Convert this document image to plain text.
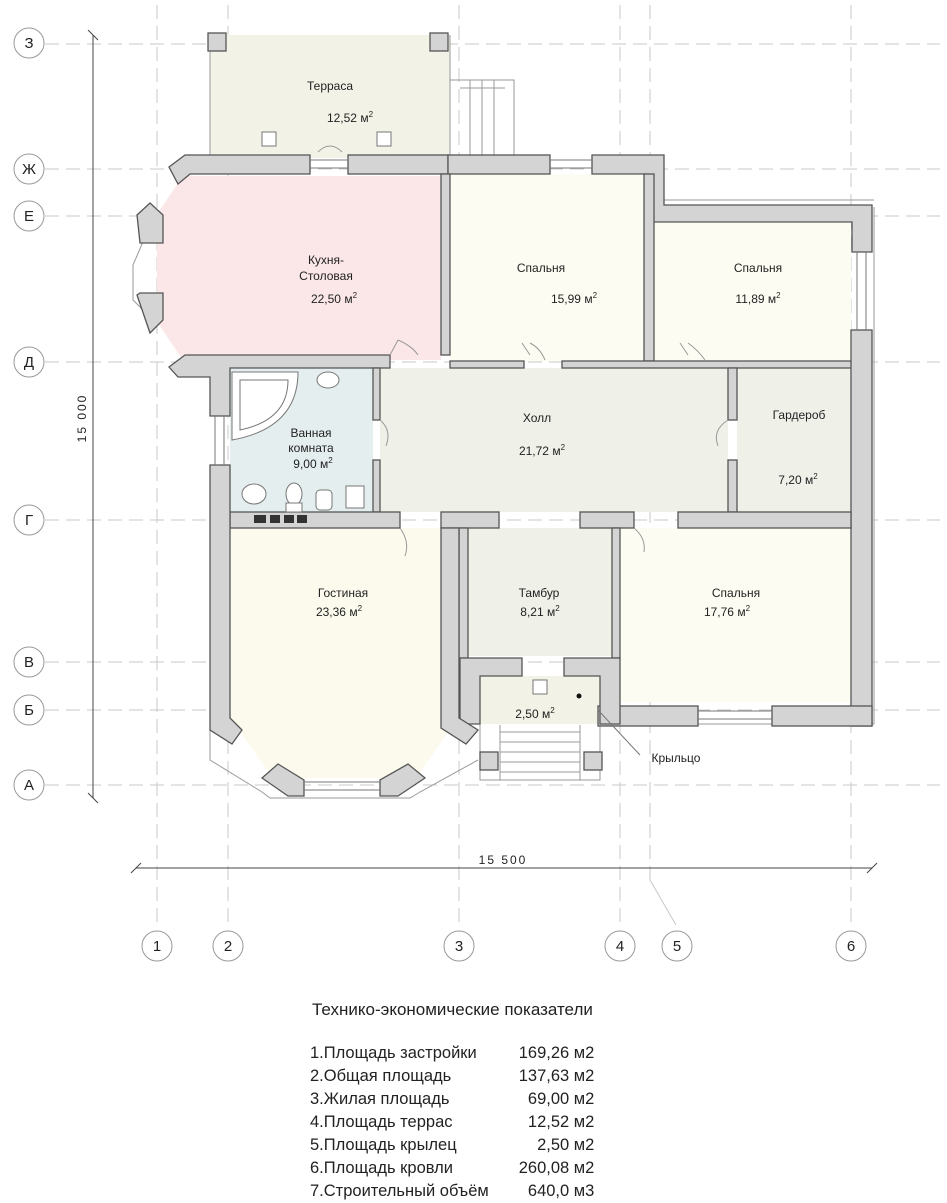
З
Ж
Е
Д
Г
В
Б
А
1	2	3	4	5	6
15 000
15 500
Терраса
12,52 $м^2$
Кухня-
Столовая
22,50 $м^2$
Спальня
15,99 $м^2$
Спальня
11,89 $м^2$
Ванная
комната
9,00 $м^2$
Холл
21,72 $м^2$
Гардероб
7,20 $м^2$
Гостиная
23,36 $м^2$
Тамбур
8,21 $м^2$
Спальня
17,76 $м^2$
2,50 $м^2$
Крыльцо
Технико-экономические показатели
1.Площадь застройки	169,26 м2
2.Общая площадь	137,63 м2
3.Жилая площадь	69,00 м2
4.Площадь террас	12,52 м2
5.Площадь крылец	2,50 м2
6.Площадь кровли	260,08 м2
7.Строительный объём	640,0 м3
